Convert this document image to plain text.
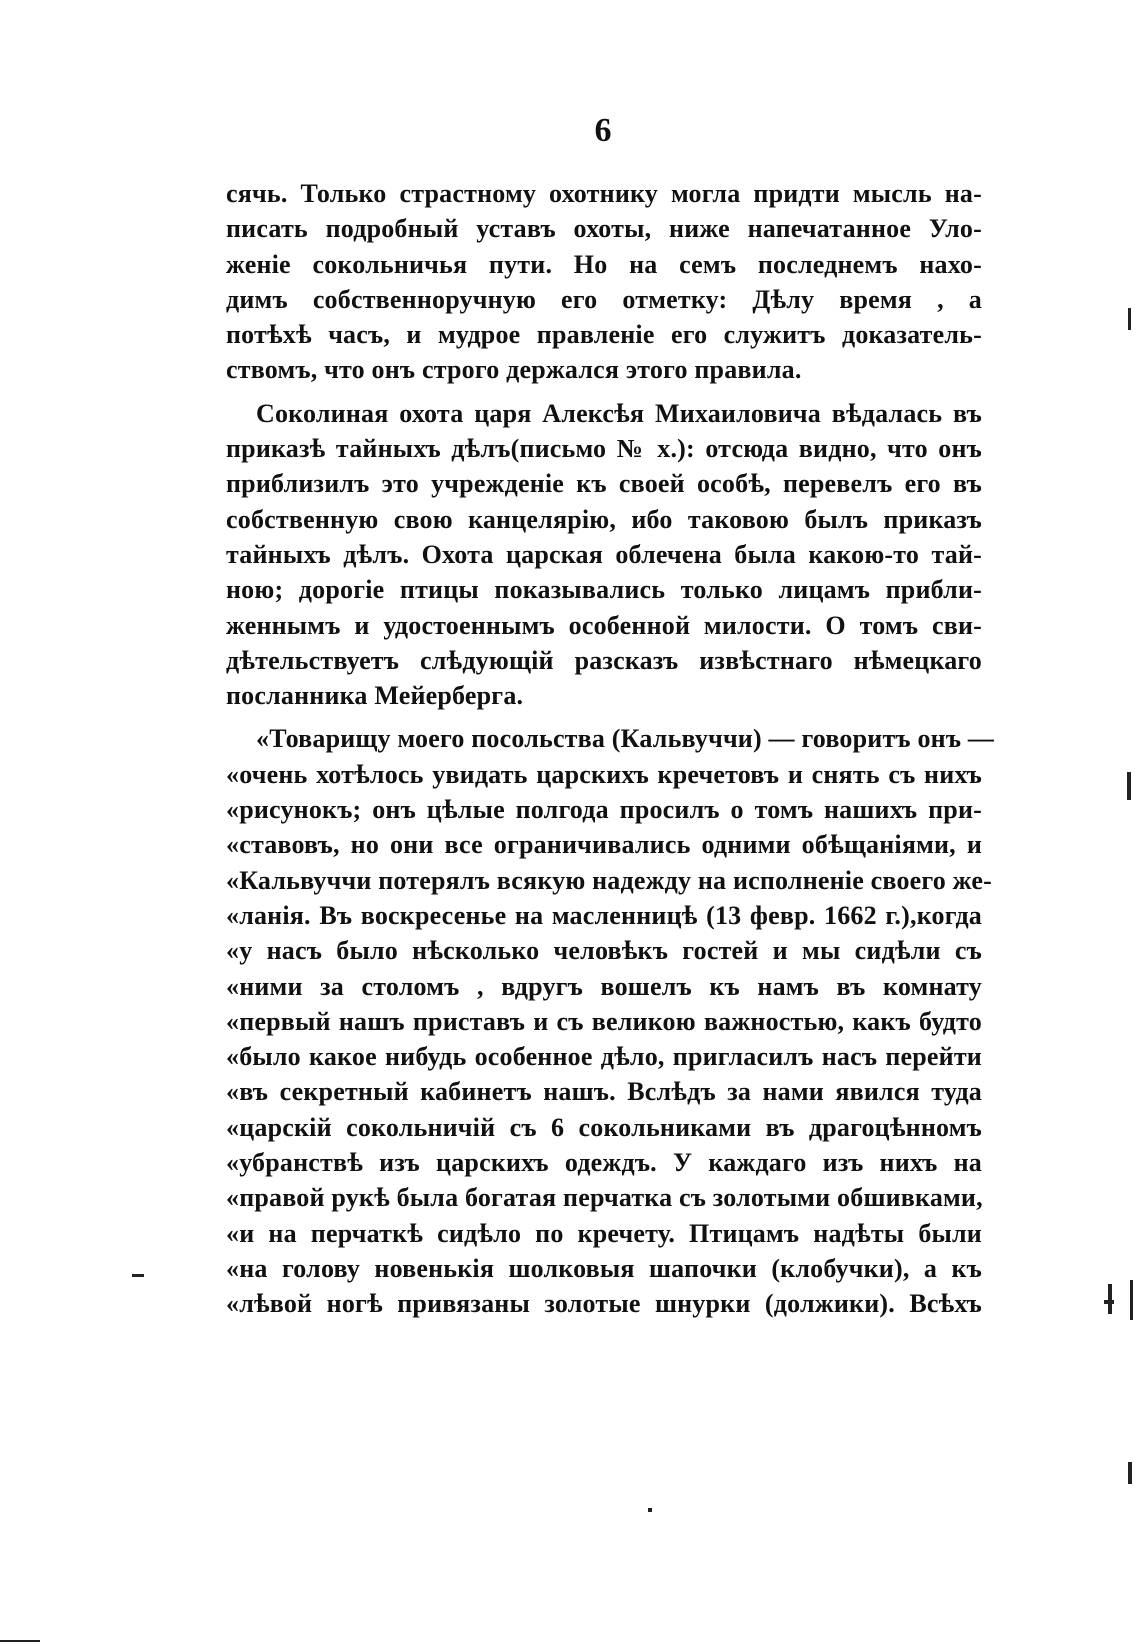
6
сячь. Только страстному охотнику могла придти мысль на-
писать подробный уставъ охоты, ниже напечатанное Уло-
женіе сокольничья пути. Но на семъ последнемъ нахо-
димъ собственноручную его отметку: Дѣлу время , а
потѣхѣ часъ, и мудрое правленіе его служитъ доказатель-
ствомъ, что онъ строго держался этого правила.
Соколиная охота царя Алексѣя Михаиловича вѣдалась въ
приказѣ тайныхъ дѣлъ(письмо № x.): отсюда видно, что онъ
приблизилъ это учрежденіе къ своей особѣ, перевелъ его въ
собственную свою канцелярію, ибо таковою былъ приказъ
тайныхъ дѣлъ. Охота царская облечена была какою-то тай-
ною; дорогіе птицы показывались только лицамъ прибли-
женнымъ и удостоеннымъ особенной милости. О томъ сви-
дѣтельствуетъ слѣдующій разсказъ извѣстнаго нѣмецкаго
посланника Мейерберга.
«Товарищу моего посольства (Кальвуччи) — говоритъ онъ —
«очень хотѣлось увидать царскихъ кречетовъ и снять съ нихъ
«рисунокъ; онъ цѣлые полгода просилъ о томъ нашихъ при-
«ставовъ, но они все ограничивались одними обѣщаніями, и
«Кальвуччи потерялъ всякую надежду на исполненіе своего же-
«ланія. Въ воскресенье на масленницѣ (13 февр. 1662 г.),когда
«у насъ было нѣсколько человѣкъ гостей и мы сидѣли съ
«ними за столомъ , вдругъ вошелъ къ намъ въ комнату
«первый нашъ приставъ и съ великою важностью, какъ будто
«было какое нибудь особенное дѣло, пригласилъ насъ перейти
«въ секретный кабинетъ нашъ. Вслѣдъ за нами явился туда
«царскій сокольничій съ 6 сокольниками въ драгоцѣнномъ
«убранствѣ изъ царскихъ одеждъ. У каждаго изъ нихъ на
«правой рукѣ была богатая перчатка съ золотыми обшивками,
«и на перчаткѣ сидѣло по кречету. Птицамъ надѣты были
«на голову новенькія шолковыя шапочки (клобучки), а къ
«лѣвой ногѣ привязаны золотые шнурки (должики). Всѣхъ
